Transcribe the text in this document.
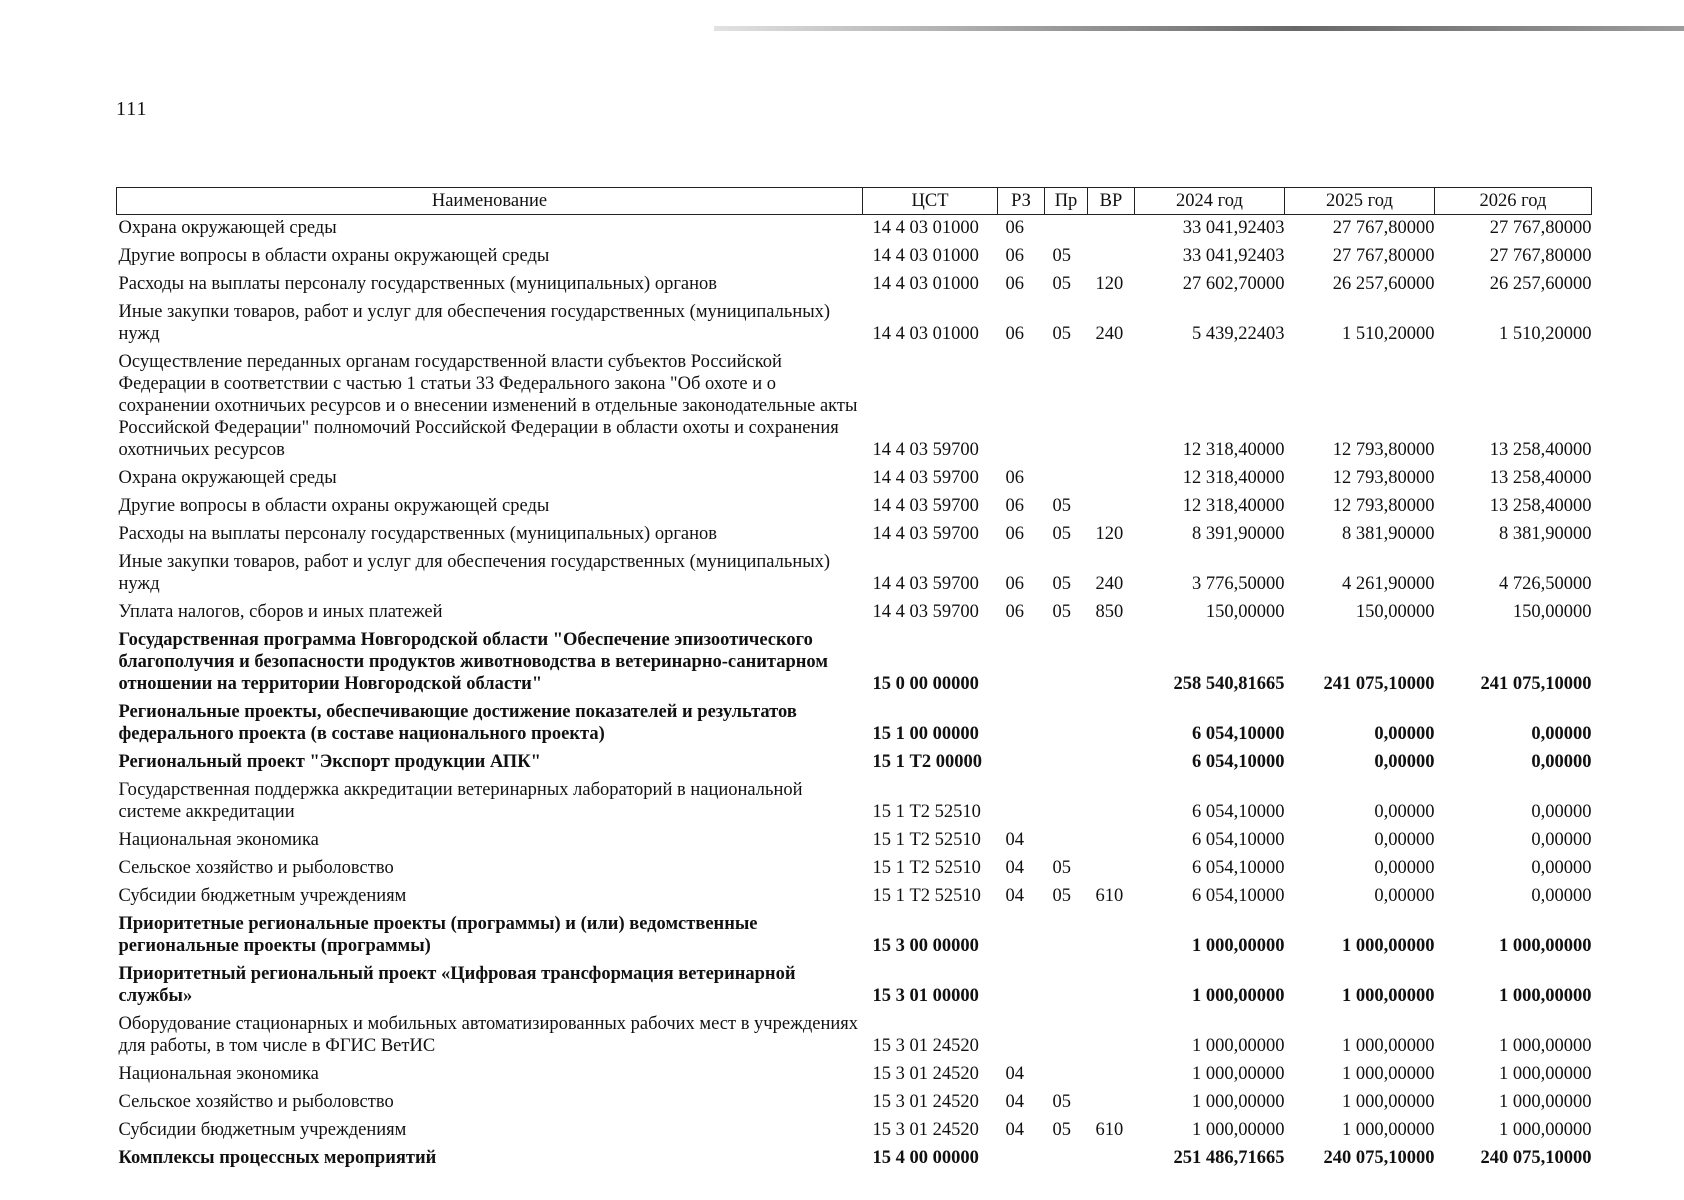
111
Наименование	ЦСТ	РЗ	Пр	ВР	2024 год	2025 год	2026 год
Охрана окружающей среды	14 4 03 01000	06			33 041,92403	27 767,80000	27 767,80000
Другие вопросы в области охраны окружающей среды	14 4 03 01000	06	05		33 041,92403	27 767,80000	27 767,80000
Расходы на выплаты персоналу государственных (муниципальных) органов	14 4 03 01000	06	05	120	27 602,70000	26 257,60000	26 257,60000
Иные закупки товаров, работ и услуг для обеспечения государственных (муниципальных) нужд	14 4 03 01000	06	05	240	5 439,22403	1 510,20000	1 510,20000
Осуществление переданных органам государственной власти субъектов Российской Федерации в соответствии с частью 1 статьи 33 Федерального закона "Об охоте и о сохранении охотничьих ресурсов и о внесении изменений в отдельные законодательные акты Российской Федерации" полномочий Российской Федерации в области охоты и сохранения охотничьих ресурсов	14 4 03 59700				12 318,40000	12 793,80000	13 258,40000
Охрана окружающей среды	14 4 03 59700	06			12 318,40000	12 793,80000	13 258,40000
Другие вопросы в области охраны окружающей среды	14 4 03 59700	06	05		12 318,40000	12 793,80000	13 258,40000
Расходы на выплаты персоналу государственных (муниципальных) органов	14 4 03 59700	06	05	120	8 391,90000	8 381,90000	8 381,90000
Иные закупки товаров, работ и услуг для обеспечения государственных (муниципальных) нужд	14 4 03 59700	06	05	240	3 776,50000	4 261,90000	4 726,50000
Уплата налогов, сборов и иных платежей	14 4 03 59700	06	05	850	150,00000	150,00000	150,00000
Государственная программа Новгородской области "Обеспечение эпизоотического благополучия и безопасности продуктов животноводства в ветеринарно-санитарном отношении на территории Новгородской области"	15 0 00 00000				258 540,81665	241 075,10000	241 075,10000
Региональные проекты, обеспечивающие достижение показателей и результатов федерального проекта (в составе национального проекта)	15 1 00 00000				6 054,10000	0,00000	0,00000
Региональный проект "Экспорт продукции АПК"	15 1 Т2 00000				6 054,10000	0,00000	0,00000
Государственная поддержка аккредитации ветеринарных лабораторий в национальной системе аккредитации	15 1 Т2 52510				6 054,10000	0,00000	0,00000
Национальная экономика	15 1 Т2 52510	04			6 054,10000	0,00000	0,00000
Сельское хозяйство и рыболовство	15 1 Т2 52510	04	05		6 054,10000	0,00000	0,00000
Субсидии бюджетным учреждениям	15 1 Т2 52510	04	05	610	6 054,10000	0,00000	0,00000
Приоритетные региональные проекты (программы) и (или) ведомственные региональные проекты (программы)	15 3 00 00000				1 000,00000	1 000,00000	1 000,00000
Приоритетный региональный проект «Цифровая трансформация ветеринарной службы»	15 3 01 00000				1 000,00000	1 000,00000	1 000,00000
Оборудование стационарных и мобильных автоматизированных рабочих мест в учреждениях для работы, в том числе в ФГИС ВетИС	15 3 01 24520				1 000,00000	1 000,00000	1 000,00000
Национальная экономика	15 3 01 24520	04			1 000,00000	1 000,00000	1 000,00000
Сельское хозяйство и рыболовство	15 3 01 24520	04	05		1 000,00000	1 000,00000	1 000,00000
Субсидии бюджетным учреждениям	15 3 01 24520	04	05	610	1 000,00000	1 000,00000	1 000,00000
Комплексы процессных мероприятий	15 4 00 00000				251 486,71665	240 075,10000	240 075,10000
